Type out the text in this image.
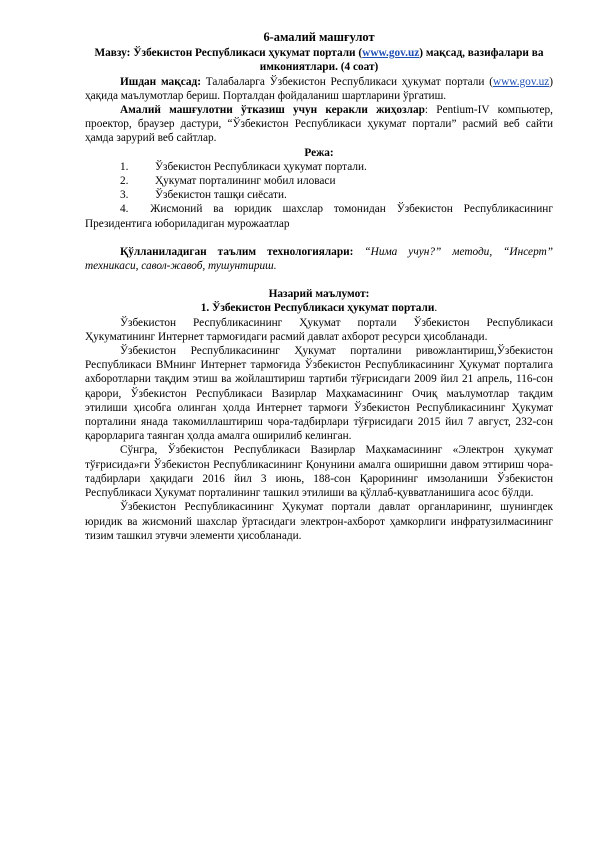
6-амалий машғулот

Мавзу: Ўзбекистон Республикаси ҳукумат портали (www.gov.uz) мақсад, вазифалари ва имкониятлари. (4 соат)

Ишдан мақсад: Талабаларга Ўзбекистон Республикаси ҳукумат портали (www.gov.uz) ҳақида маълумотлар бериш. Порталдан фойдаланиш шартларини ўргатиш.

Амалий машғулотни ўтказиш учун керакли жиҳозлар: Pentium-IV компьютер, проектор, браузер дастури, “Ўзбекистон Республикаси ҳукумат портали” расмий веб сайти ҳамда зарурий веб сайтлар.

Режа:
1.	Ўзбекистон Республикаси ҳукумат портали.
2.	Ҳукумат порталининг мобил иловаси
3.	Ўзбекистон ташқи сиёсати.

4. Жисмоний ва юридик шахслар томонидан Ўзбекистон Республикасининг Президентига юбориладиган мурожаатлар

Қўлланиладиган таълим технологиялари: “Нима учун?” методи, “Инсерт” техникаси, савол-жавоб, тушунтириш.

Назарий маълумот:
1. Ўзбекистон Республикаси ҳукумат портали.

Ўзбекистон Республикасининг Ҳукумат портали Ўзбекистон Республикаси Ҳукуматининг Интернет тармоғидаги расмий давлат ахборот ресурси ҳисобланади.

Ўзбекистон Республикасининг Ҳукумат порталини ривожлантириш,Ўзбекистон Республикаси ВМнинг Интернет тармоғида Ўзбекистон Республикасининг Ҳукумат порталига ахборотларни тақдим этиш ва жойлаштириш тартиби тўғрисидаги 2009 йил 21 апрель, 116-сон қарори, Ўзбекистон Республикаси Вазирлар Маҳкамасининг Очиқ маълумотлар тақдим этилиши ҳисобга олинган ҳолда Интернет тармоғи Ўзбекистон Республикасининг Ҳукумат порталини янада такомиллаштириш чора-тадбирлари тўғрисидаги 2015 йил 7 август, 232-сон қарорларига таянган ҳолда амалга оширилиб келинган.

Сўнгра, Ўзбекистон Республикаси Вазирлар Маҳкамасининг «Электрон ҳукумат тўғрисида»ги Ўзбекистон Республикасининг Қонунини амалга оширишни давом эттириш чора-тадбирлари ҳақидаги 2016 йил 3 июнь, 188-сон Қарорининг имзоланиши Ўзбекистон Республикаси Ҳукумат порталининг ташкил этилиши ва қўллаб-қувватланишига асос бўлди.

Ўзбекистон Республикасининг Ҳукумат портали давлат органларининг, шунингдек юридик ва жисмоний шахслар ўртасидаги электрон-ахборот ҳамкорлиги инфратузилмасининг тизим ташкил этувчи элементи ҳисобланади.
